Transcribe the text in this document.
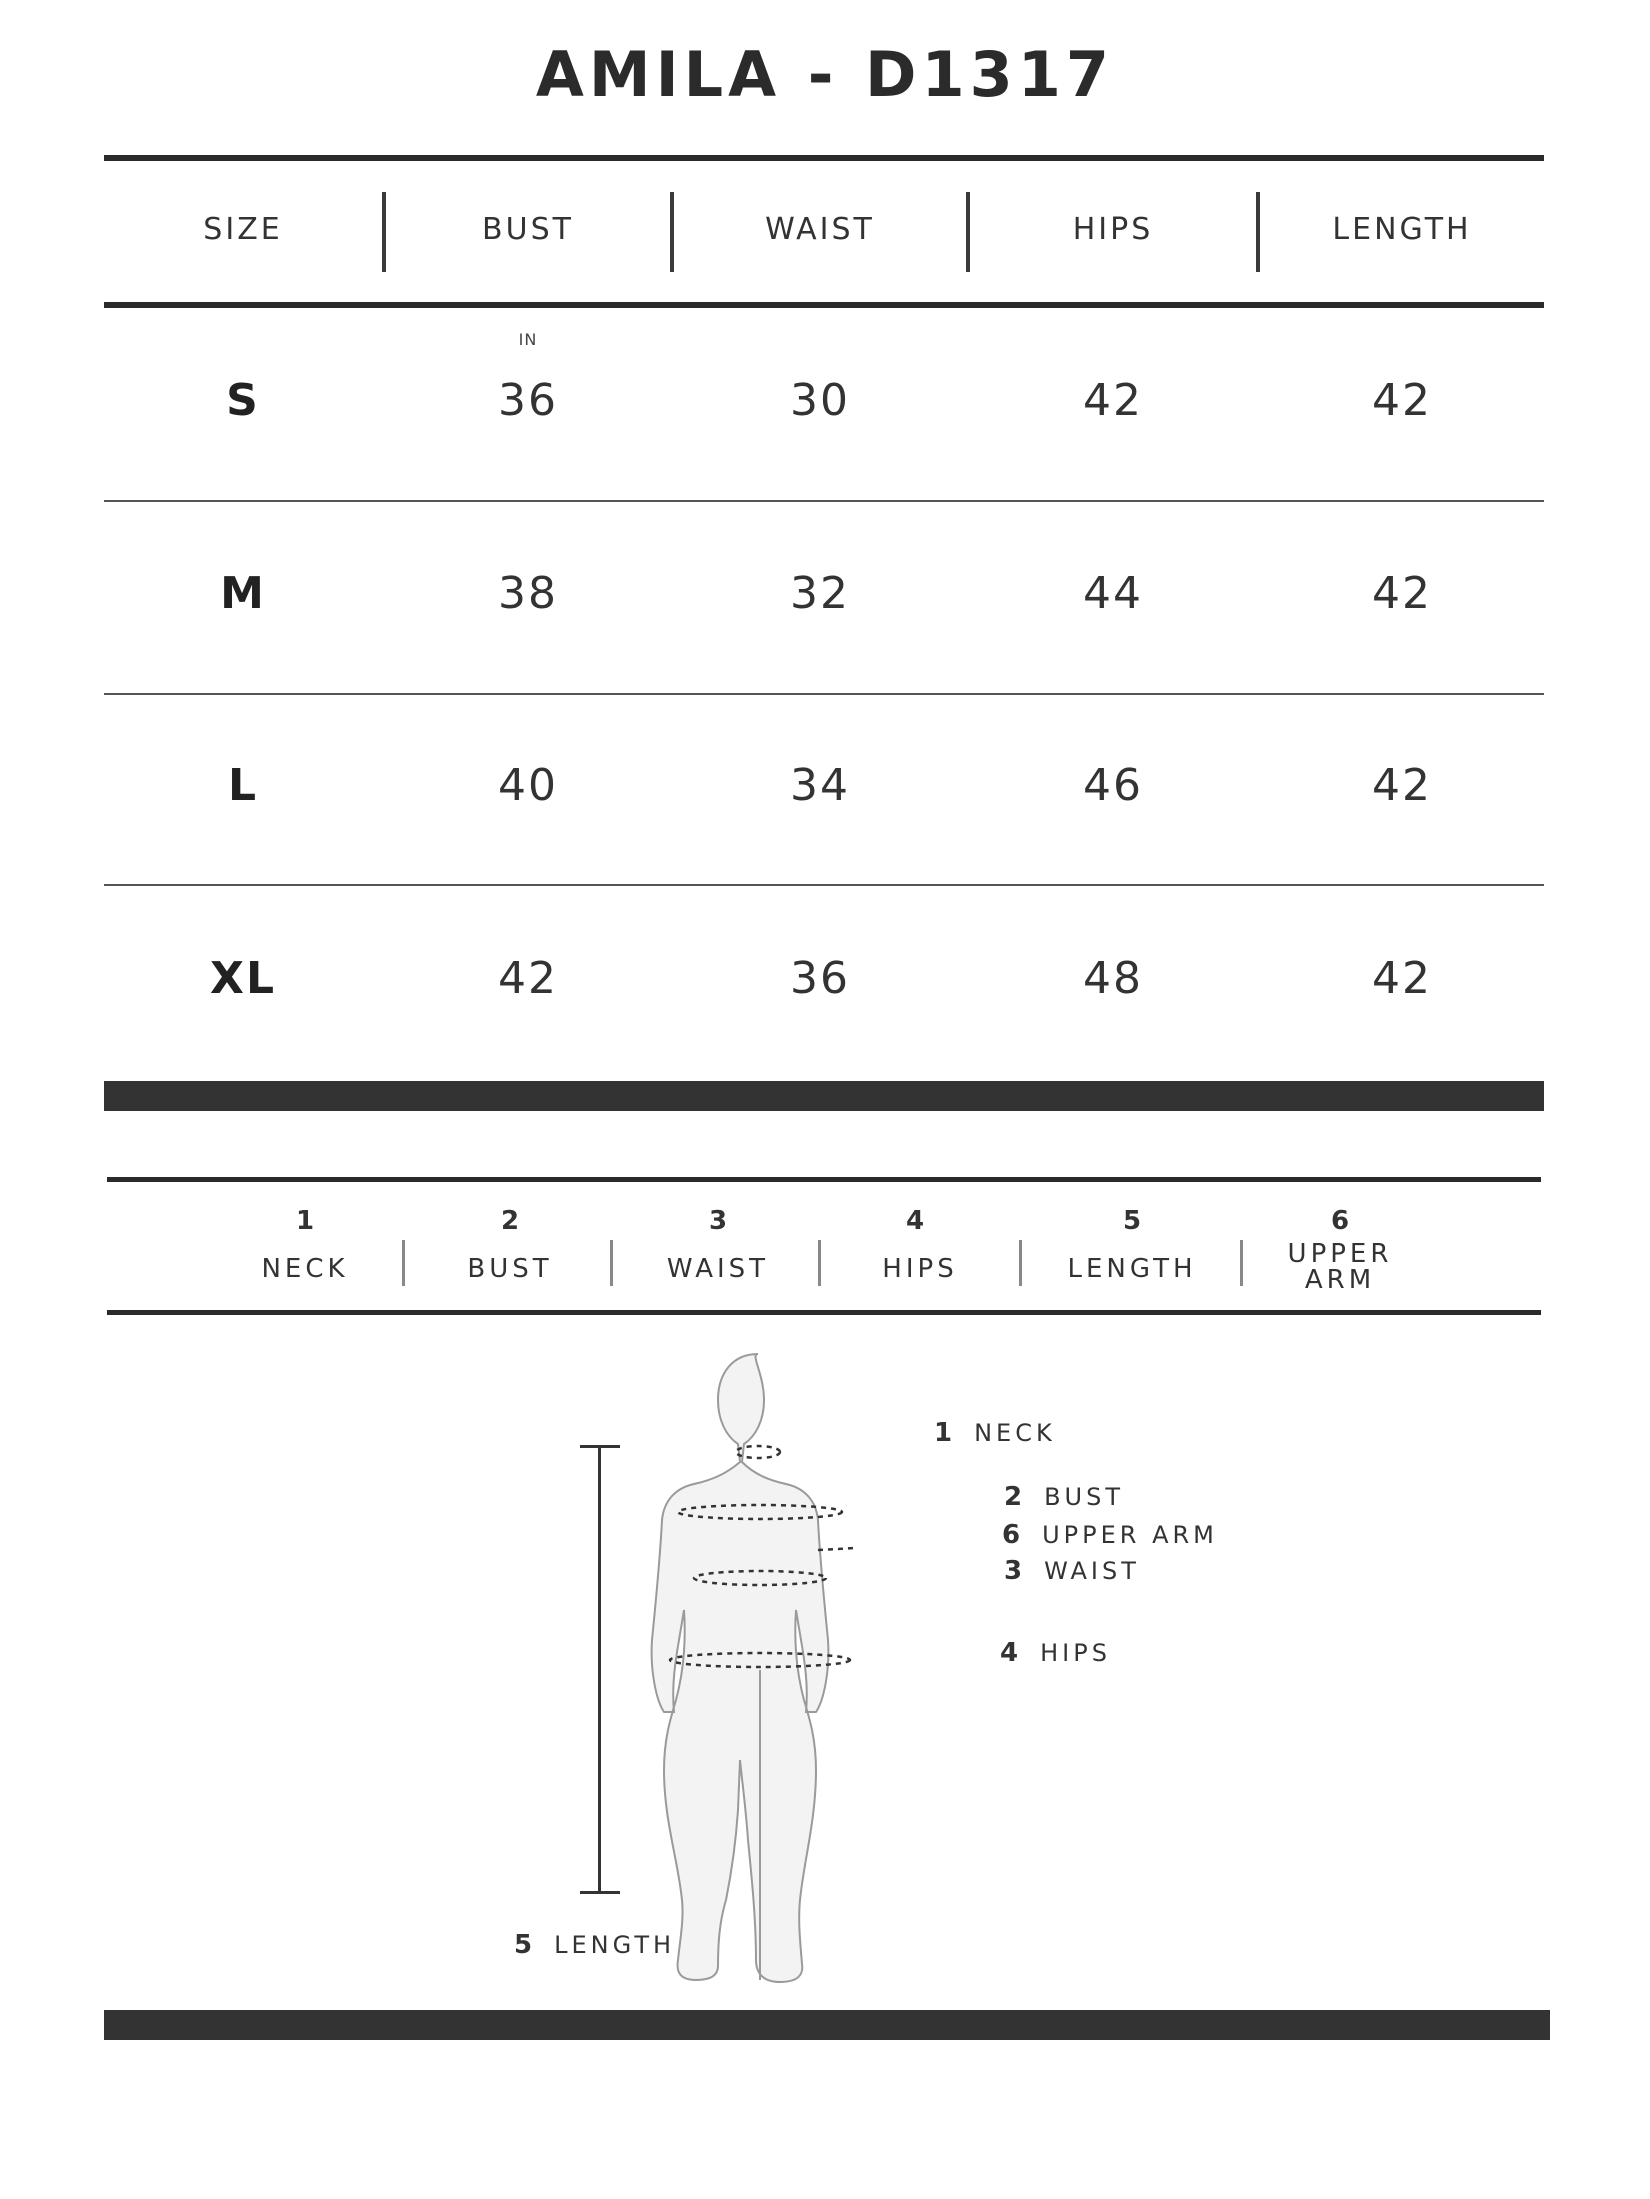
AMILA - D1317
SIZE	BUST	WAIST	HIPS	LENGTH
IN
S	36	30	42	42
M	38	32	44	42
L	40	34	46	42
XL	42	36	48	42
1
NECK
2
BUST
3
WAIST
4
HIPS
5
LENGTH
6
UPPER ARM
1 NECK
2 BUST
6 UPPER ARM
3 WAIST
4 HIPS
5 LENGTH
